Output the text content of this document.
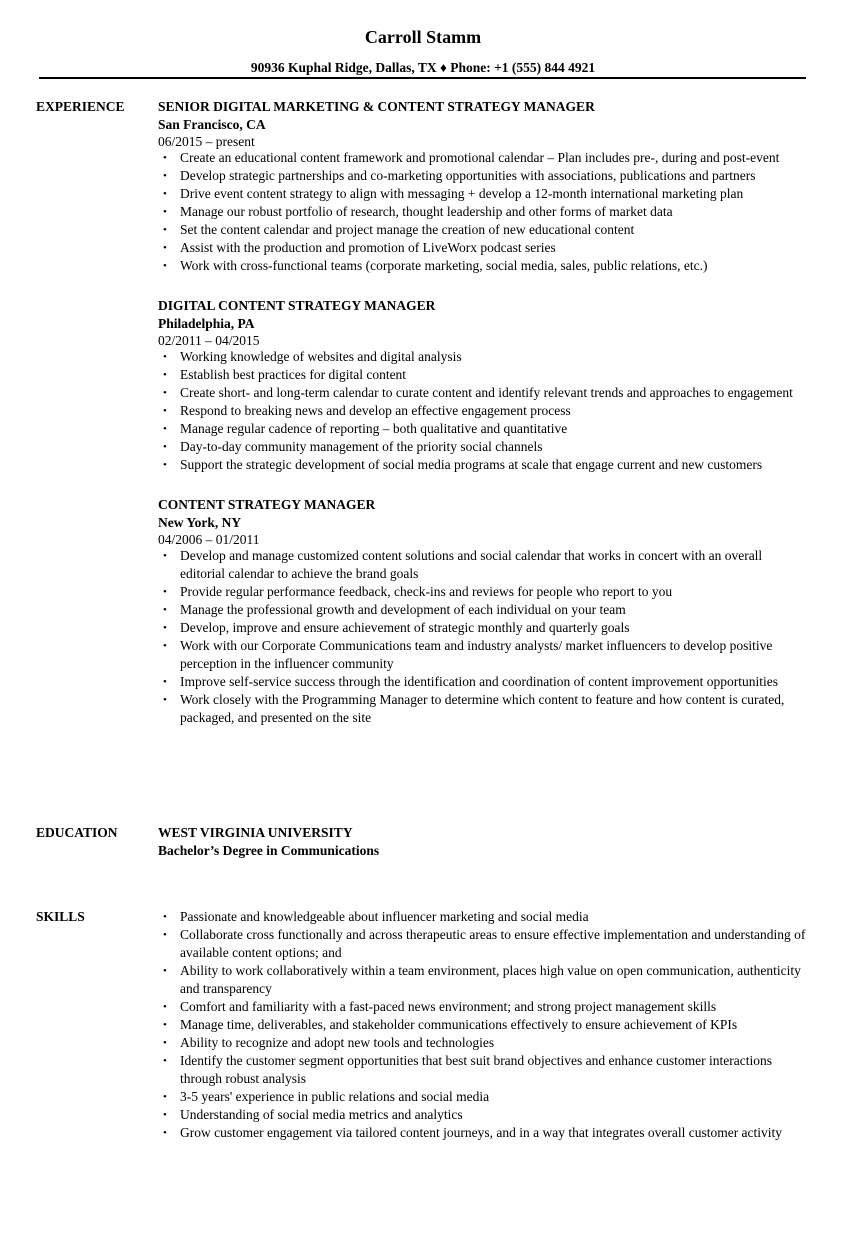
Carroll Stamm
90936 Kuphal Ridge, Dallas, TX ♦ Phone: +1 (555) 844 4921
EXPERIENCE SENIOR DIGITAL MARKETING & CONTENT STRATEGY MANAGER
San Francisco, CA
06/2015 – present
• Create an educational content framework and promotional calendar – Plan includes pre-, during and post-event
• Develop strategic partnerships and co-marketing opportunities with associations, publications and partners
• Drive event content strategy to align with messaging + develop a 12-month international marketing plan
• Manage our robust portfolio of research, thought leadership and other forms of market data
• Set the content calendar and project manage the creation of new educational content
• Assist with the production and promotion of LiveWorx podcast series
• Work with cross-functional teams (corporate marketing, social media, sales, public relations, etc.)
DIGITAL CONTENT STRATEGY MANAGER
Philadelphia, PA
02/2011 – 04/2015
• Working knowledge of websites and digital analysis
• Establish best practices for digital content
• Create short- and long-term calendar to curate content and identify relevant trends and approaches to engagement
• Respond to breaking news and develop an effective engagement process
• Manage regular cadence of reporting – both qualitative and quantitative
• Day-to-day community management of the priority social channels
• Support the strategic development of social media programs at scale that engage current and new customers
CONTENT STRATEGY MANAGER
New York, NY
04/2006 – 01/2011
• Develop and manage customized content solutions and social calendar that works in concert with an overall editorial calendar to achieve the brand goals
• Provide regular performance feedback, check-ins and reviews for people who report to you
• Manage the professional growth and development of each individual on your team
• Develop, improve and ensure achievement of strategic monthly and quarterly goals
• Work with our Corporate Communications team and industry analysts/ market influencers to develop positive perception in the influencer community
• Improve self-service success through the identification and coordination of content improvement opportunities
• Work closely with the Programming Manager to determine which content to feature and how content is curated, packaged, and presented on the site
EDUCATION	WEST VIRGINIA UNIVERSITY
Bachelor’s Degree in Communications
SKILLS	• Passionate and knowledgeable about influencer marketing and social media
• Collaborate cross functionally and across therapeutic areas to ensure effective implementation and understanding of available content options; and
• Ability to work collaboratively within a team environment, places high value on open communication, authenticity and transparency
• Comfort and familiarity with a fast-paced news environment; and strong project management skills
• Manage time, deliverables, and stakeholder communications effectively to ensure achievement of KPIs
• Ability to recognize and adopt new tools and technologies
• Identify the customer segment opportunities that best suit brand objectives and enhance customer interactions through robust analysis
• 3-5 years' experience in public relations and social media
• Understanding of social media metrics and analytics
• Grow customer engagement via tailored content journeys, and in a way that integrates overall customer activity
